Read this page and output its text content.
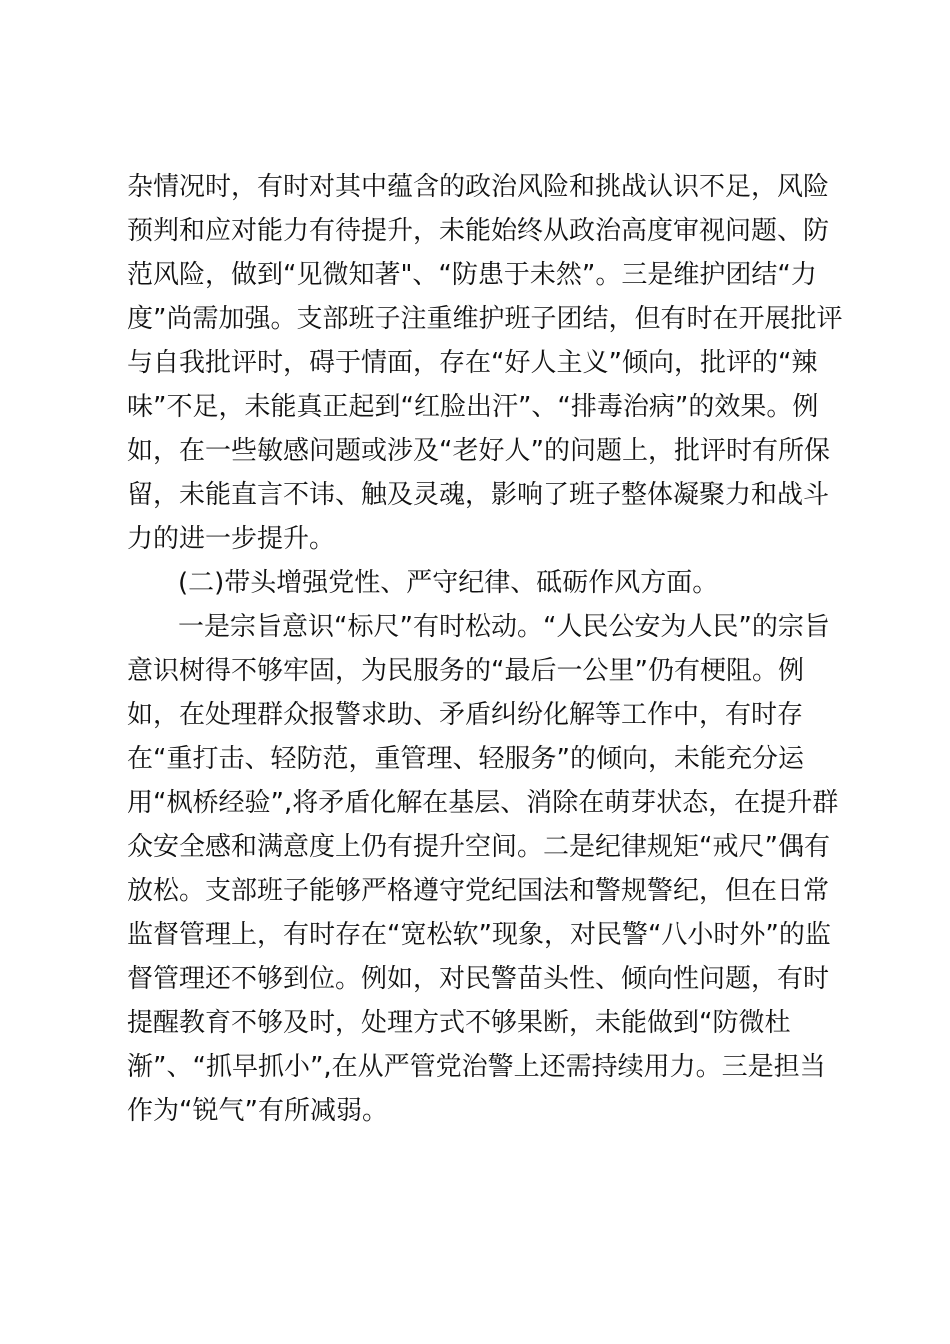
杂情况时，有时对其中蕴含的政治风险和挑战认识不足，风险
预判和应对能力有待提升，未能始终从政治高度审视问题、防
范风险，做到“见微知著"、“防患于未然”。三是维护团结“力
度”尚需加强。支部班子注重维护班子团结，但有时在开展批评
与自我批评时，碍于情面，存在“好人主义”倾向，批评的“辣
味”不足，未能真正起到“红脸出汗”、“排毒治病”的效果。例
如，在一些敏感问题或涉及“老好人”的问题上，批评时有所保
留，未能直言不讳、触及灵魂，影响了班子整体凝聚力和战斗
力的进一步提升。
(二)带头增强党性、严守纪律、砥砺作风方面。
一是宗旨意识“标尺”有时松动。“人民公安为人民”的宗旨
意识树得不够牢固，为民服务的“最后一公里”仍有梗阻。例
如，在处理群众报警求助、矛盾纠纷化解等工作中，有时存
在“重打击、轻防范，重管理、轻服务”的倾向，未能充分运
用“枫桥经验”,将矛盾化解在基层、消除在萌芽状态，在提升群
众安全感和满意度上仍有提升空间。二是纪律规矩“戒尺”偶有
放松。支部班子能够严格遵守党纪国法和警规警纪，但在日常
监督管理上，有时存在“宽松软”现象，对民警“八小时外”的监
督管理还不够到位。例如，对民警苗头性、倾向性问题，有时
提醒教育不够及时，处理方式不够果断，未能做到“防微杜
渐”、“抓早抓小”,在从严管党治警上还需持续用力。三是担当
作为“锐气”有所减弱。
